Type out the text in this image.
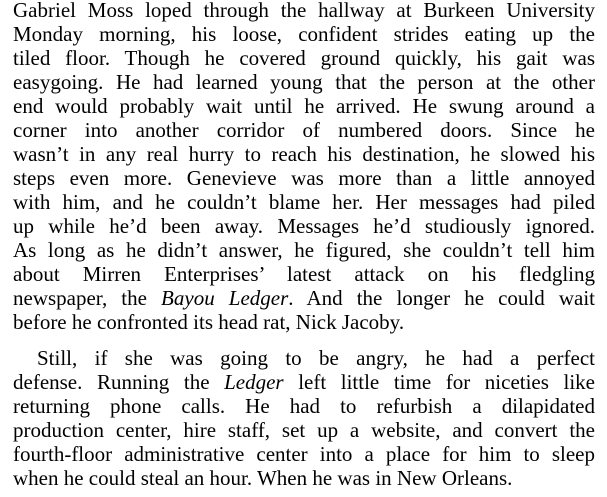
Gabriel Moss loped through the hallway at Burkeen University
Monday morning, his loose, confident strides eating up the
tiled floor. Though he covered ground quickly, his gait was
easygoing. He had learned young that the person at the other
end would probably wait until he arrived. He swung around a
corner into another corridor of numbered doors. Since he
wasn’t in any real hurry to reach his destination, he slowed his
steps even more. Genevieve was more than a little annoyed
with him, and he couldn’t blame her. Her messages had piled
up while he’d been away. Messages he’d studiously ignored.
As long as he didn’t answer, he figured, she couldn’t tell him
about Mirren Enterprises’ latest attack on his fledgling
newspaper, the Bayou Ledger. And the longer he could wait
before he confronted its head rat, Nick Jacoby.
Still, if she was going to be angry, he had a perfect
defense. Running the Ledger left little time for niceties like
returning phone calls. He had to refurbish a dilapidated
production center, hire staff, set up a website, and convert the
fourth-floor administrative center into a place for him to sleep
when he could steal an hour. When he was in New Orleans.
